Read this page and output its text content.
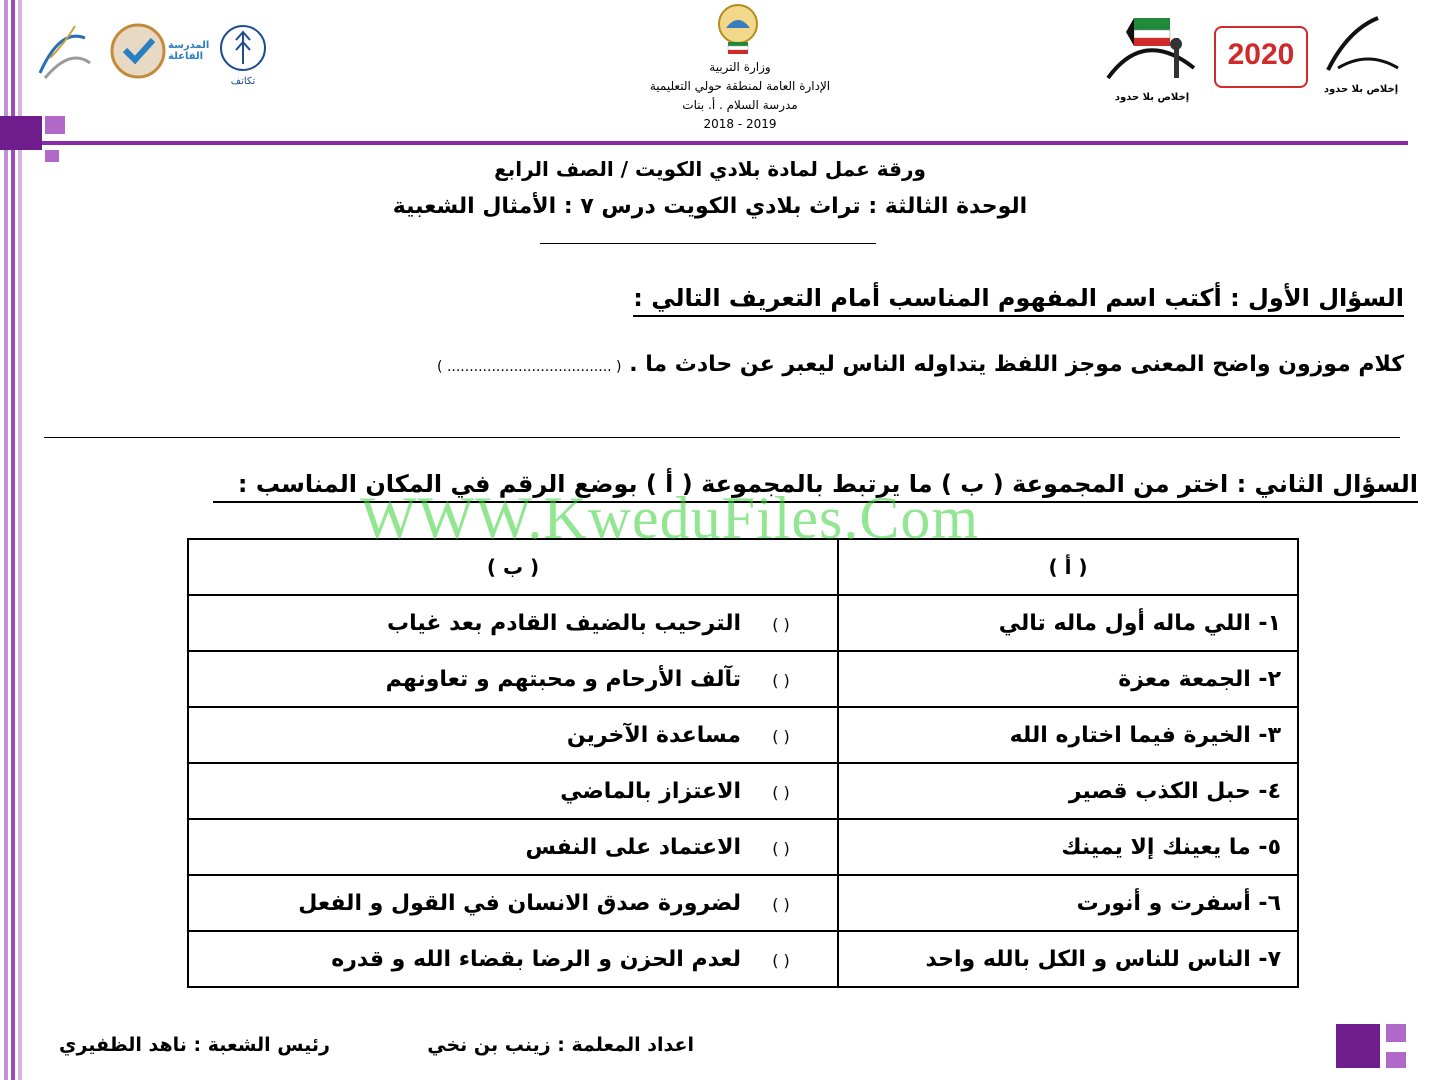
المدرسة الفاعلة
تكاتف
وزارة التربية
الإدارة العامة لمنطقة حولي التعليمية
مدرسة السلام . أ. بنات
2018 - 2019
إخلاص بلا حدود
2020
إخلاص بلا حدود
ورقة عمل لمادة بلادي الكويت / الصف الرابع
الوحدة الثالثة : تراث بلادي الكويت درس ٧ : الأمثال الشعبية
السؤال الأول : أكتب اسم المفهوم المناسب أمام التعريف التالي :
كلام موزون واضح المعنى موجز اللفظ يتداوله الناس ليعبر عن حادث ما . ( ..................................... )
السؤال الثاني : اختر من المجموعة ( ب ) ما يرتبط بالمجموعة ( أ ) بوضع الرقم في المكان المناسب :
( أ )	( ب )
١- اللي ماله أول ماله تالي	( )الترحيب بالضيف القادم بعد غياب
٢- الجمعة معزة	( )تآلف الأرحام و محبتهم و تعاونهم
٣- الخيرة فيما اختاره الله	( )مساعدة الآخرين
٤- حبل الكذب قصير	( )الاعتزاز بالماضي
٥- ما يعينك إلا يمينك	( )الاعتماد على النفس
٦- أسفرت و أنورت	( )لضرورة صدق الانسان في القول و الفعل
٧- الناس للناس و الكل بالله واحد	( )لعدم الحزن و الرضا بقضاء الله و قدره
WWW.KweduFiles.Com
اعداد المعلمة : زينب بن نخي
رئيس الشعبة : ناهد الظفيري
